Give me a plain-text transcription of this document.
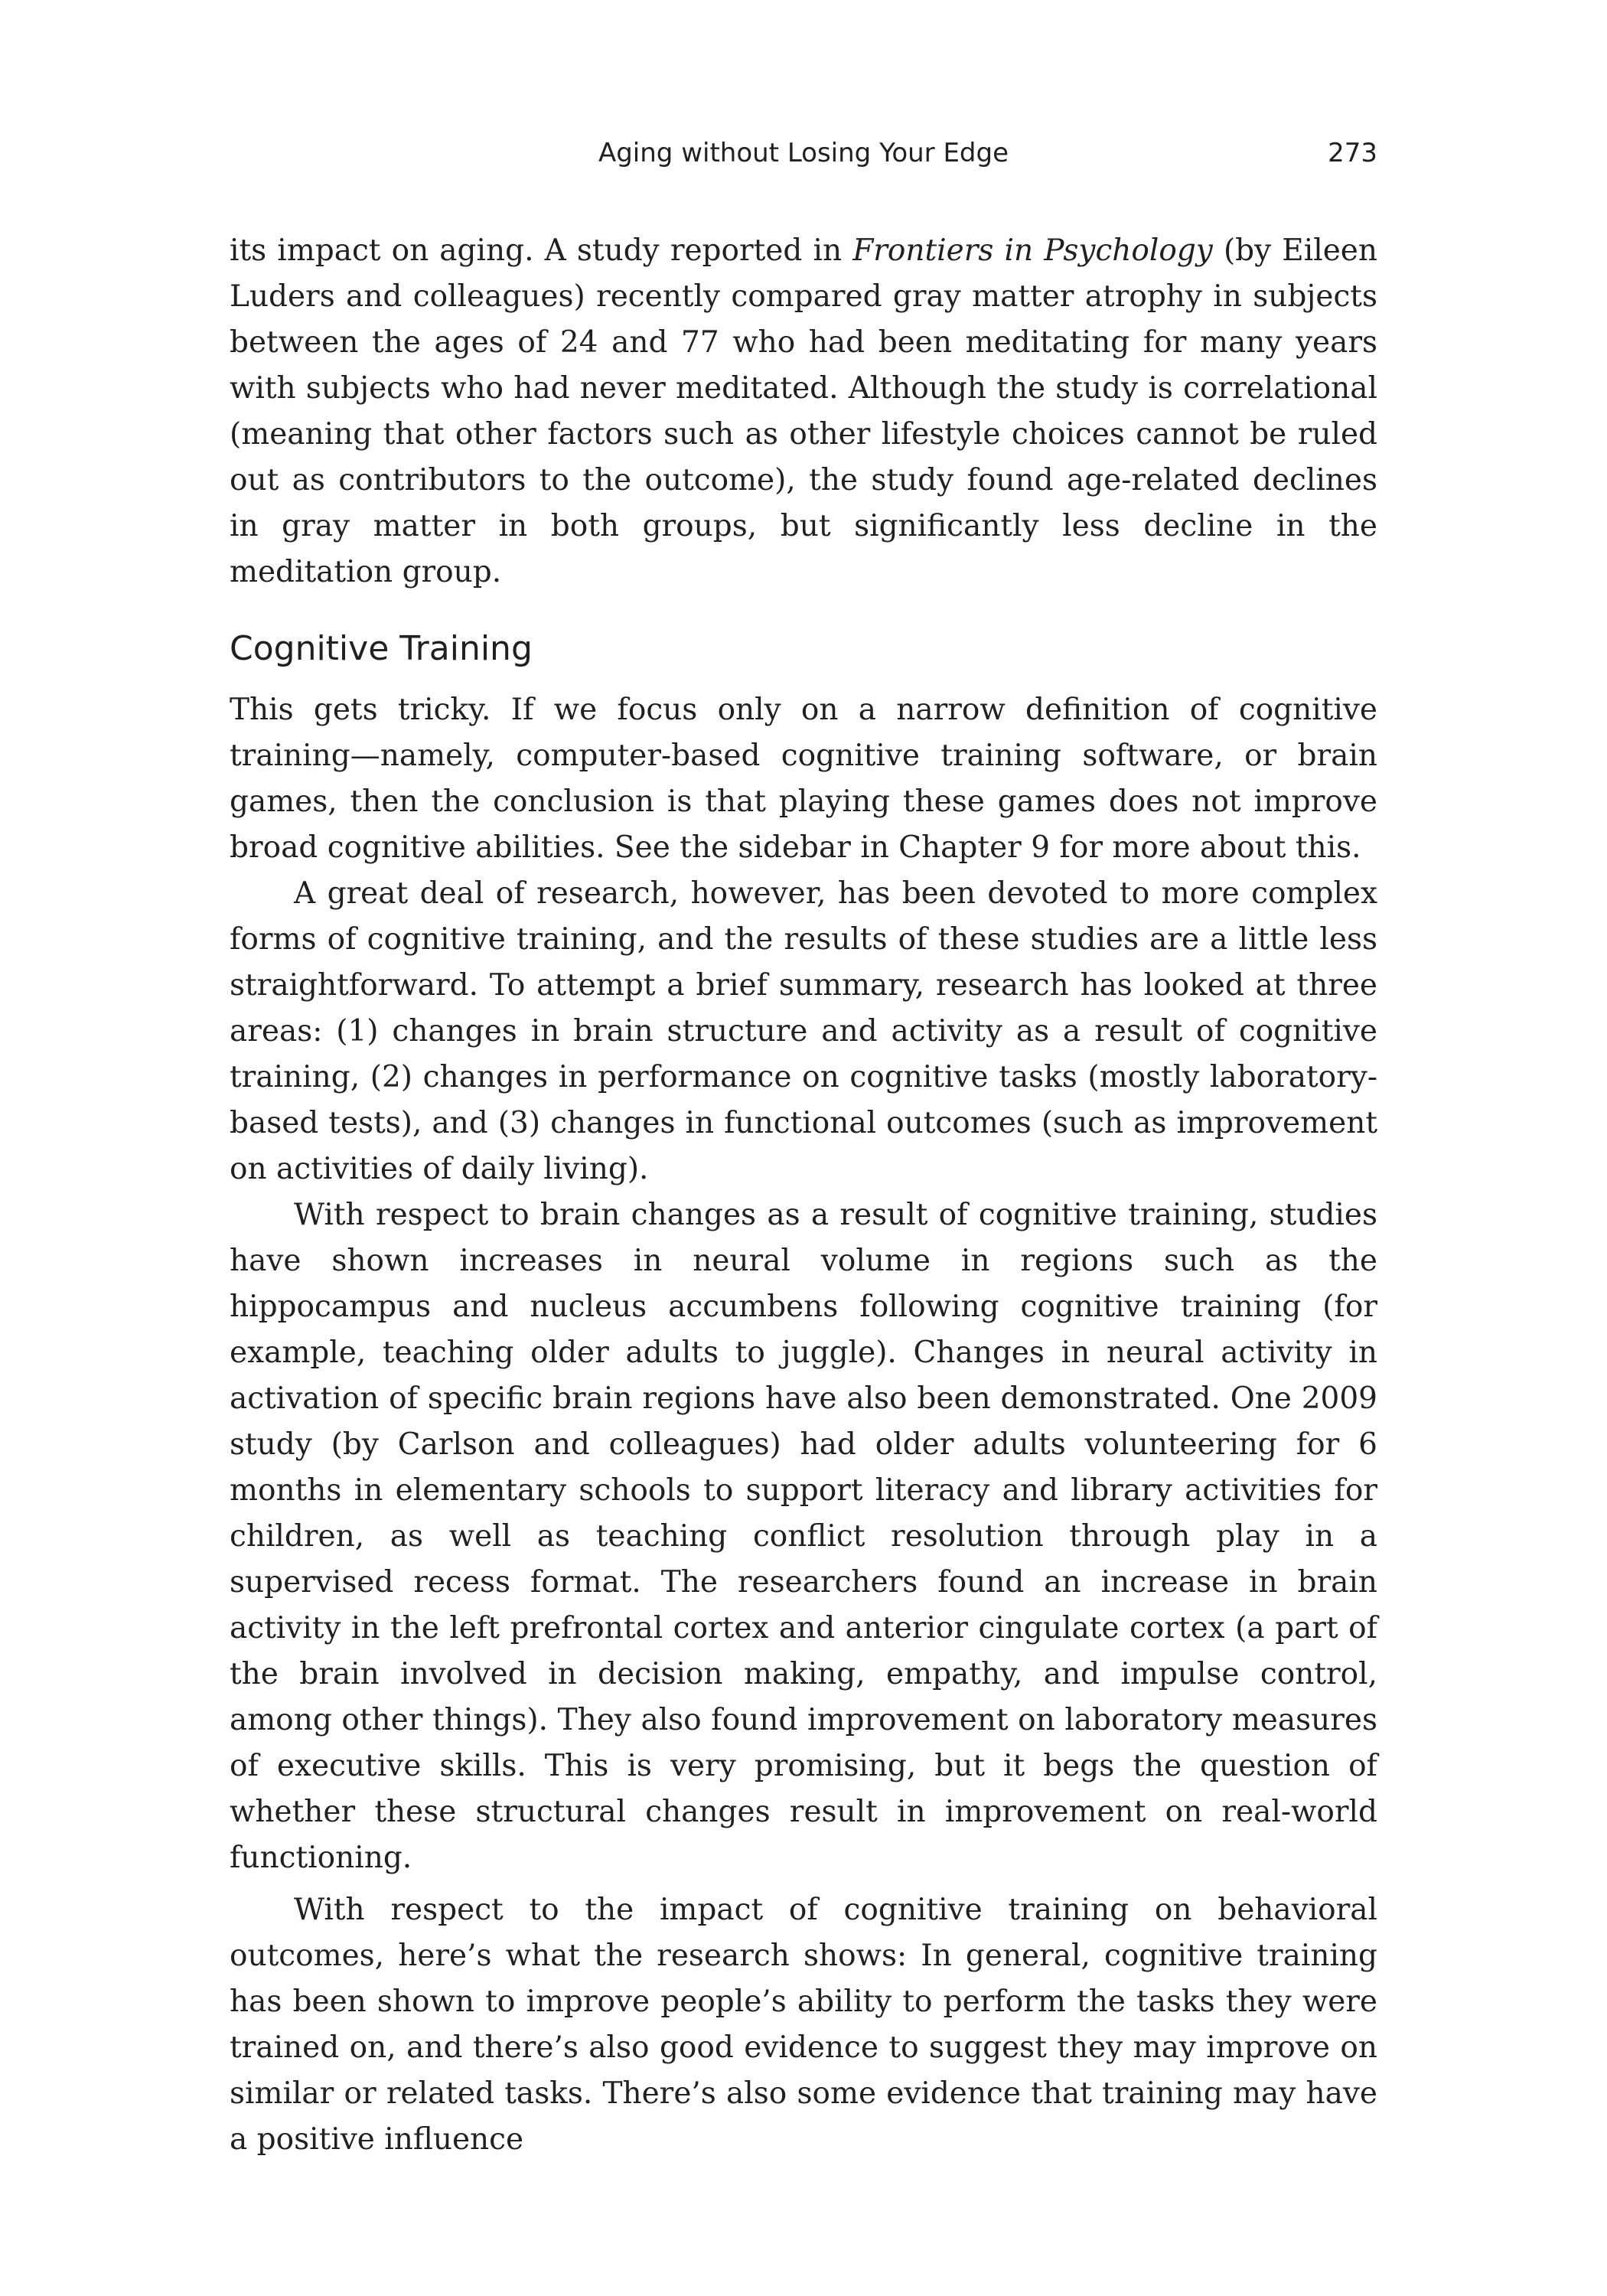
Aging without Losing Your Edge	273

its impact on aging. A study reported in Frontiers in Psychology (by Eileen Luders and colleagues) recently compared gray matter atrophy in subjects between the ages of 24 and 77 who had been meditating for many years with subjects who had never meditated. Although the study is correlational (meaning that other factors such as other lifestyle choices cannot be ruled out as contributors to the outcome), the study found age-related declines in gray matter in both groups, but significantly less decline in the meditation group.

Cognitive Training

This gets tricky. If we focus only on a narrow definition of cognitive training—namely, computer-based cognitive training software, or brain games, then the conclusion is that playing these games does not improve broad cognitive abilities. See the sidebar in Chapter 9 for more about this.

A great deal of research, however, has been devoted to more complex forms of cognitive training, and the results of these studies are a little less straightforward. To attempt a brief summary, research has looked at three areas: (1) changes in brain structure and activity as a result of cognitive training, (2) changes in performance on cognitive tasks (mostly laboratory-based tests), and (3) changes in functional outcomes (such as improvement on activities of daily living).

With respect to brain changes as a result of cognitive training, studies have shown increases in neural volume in regions such as the hippocampus and nucleus accumbens following cognitive training (for example, teaching older adults to juggle). Changes in neural activity in activation of specific brain regions have also been demonstrated. One 2009 study (by Carlson and colleagues) had older adults volunteering for 6 months in elementary schools to support literacy and library activities for children, as well as teaching conflict resolution through play in a supervised recess format. The researchers found an increase in brain activity in the left prefrontal cortex and anterior cingulate cortex (a part of the brain involved in decision making, empathy, and impulse control, among other things). They also found improvement on laboratory measures of executive skills. This is very promising, but it begs the question of whether these structural changes result in improvement on real-world functioning.

With respect to the impact of cognitive training on behavioral outcomes, here’s what the research shows: In general, cognitive training has been shown to improve people’s ability to perform the tasks they were trained on, and there’s also good evidence to suggest they may improve on similar or related tasks. There’s also some evidence that training may have a positive influence
